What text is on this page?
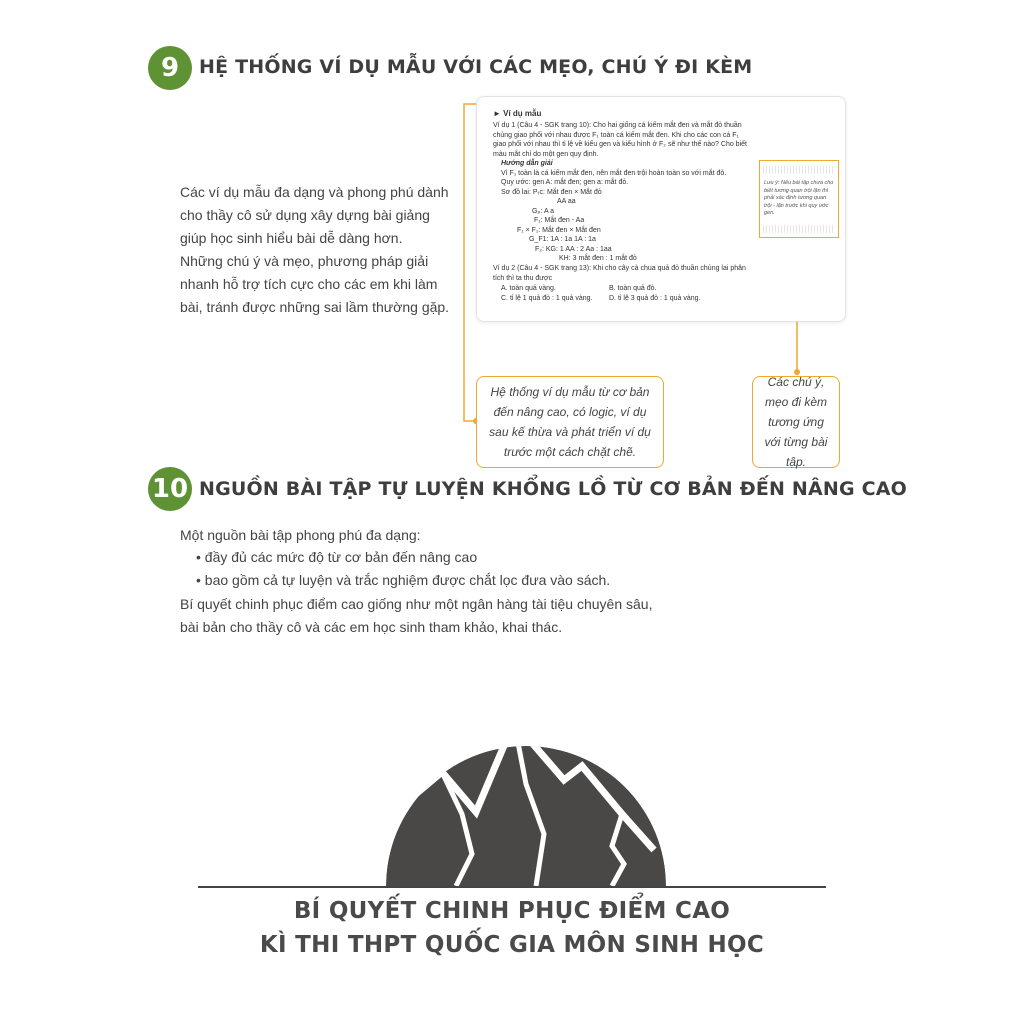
9 HỆ THỐNG VÍ DỤ MẪU VỚI CÁC MẸO, CHÚ Ý ĐI KÈM
Các ví dụ mẫu đa dạng và phong phú dành
cho thầy cô sử dụng xây dựng bài giảng
giúp học sinh hiểu bài dễ dàng hơn.
Những chú ý và mẹo, phương pháp giải
nhanh hỗ trợ tích cực cho các em khi làm
bài, tránh được những sai lầm thường gặp.
► Ví dụ mẫu
Ví dụ 1 (Câu 4 - SGK trang 10): Cho hai giống cá kiếm mắt đen và mắt đỏ thuần
chủng giao phối với nhau được F₁ toàn cá kiếm mắt đen. Khi cho các con cá F₁
giao phối với nhau thì tỉ lệ về kiểu gen và kiểu hình ở F₂ sẽ như thế nào? Cho biết
màu mắt chỉ do một gen quy định.
Hướng dẫn giải
Vì F₁ toàn là cá kiếm mắt đen, nên mắt đen trội hoàn toàn so với mắt đỏ.
Quy ước: gen A: mắt đen; gen a: mắt đỏ.
Sơ đồ lai: Pₜc: Mắt đen × Mắt đỏ
AA aa
Gₚ: A a
F₁: Mắt đen - Aa
F₁ × F₁: Mắt đen × Mắt đen
G_F1: 1A : 1a 1A : 1a
F₂: KG: 1 AA : 2 Aa : 1aa
KH: 3 mắt đen : 1 mắt đỏ
Ví dụ 2 (Câu 4 - SGK trang 13): Khi cho cây cà chua quả đỏ thuần chủng lai phân
tích thì ta thu được
A. toàn quả vàng.	B. toàn quả đỏ.
C. tỉ lệ 1 quả đỏ : 1 quả vàng. D. tỉ lệ 3 quả đỏ : 1 quả vàng.
Lưu ý: Nếu bài tập chưa cho biết tương quan trội lặn thì phải xác định tương quan trội - lặn trước khi quy ước gen.
Hệ thống ví dụ mẫu từ cơ bản đến nâng cao, có logic, ví dụ sau kế thừa và phát triển ví dụ trước một cách chặt chẽ.
Các chú ý, mẹo đi kèm tương ứng với từng bài tập.
10 NGUỒN BÀI TẬP TỰ LUYỆN KHỔNG LỒ TỪ CƠ BẢN ĐẾN NÂNG CAO
Một nguồn bài tập phong phú đa dạng:
• đầy đủ các mức độ từ cơ bản đến nâng cao
• bao gồm cả tự luyện và trắc nghiệm được chắt lọc đưa vào sách.
Bí quyết chinh phục điểm cao giống như một ngân hàng tài tiệu chuyên sâu,
bài bản cho thầy cô và các em học sinh tham khảo, khai thác.
BÍ QUYẾT CHINH PHỤC ĐIỂM CAO
KÌ THI THPT QUỐC GIA MÔN SINH HỌC
